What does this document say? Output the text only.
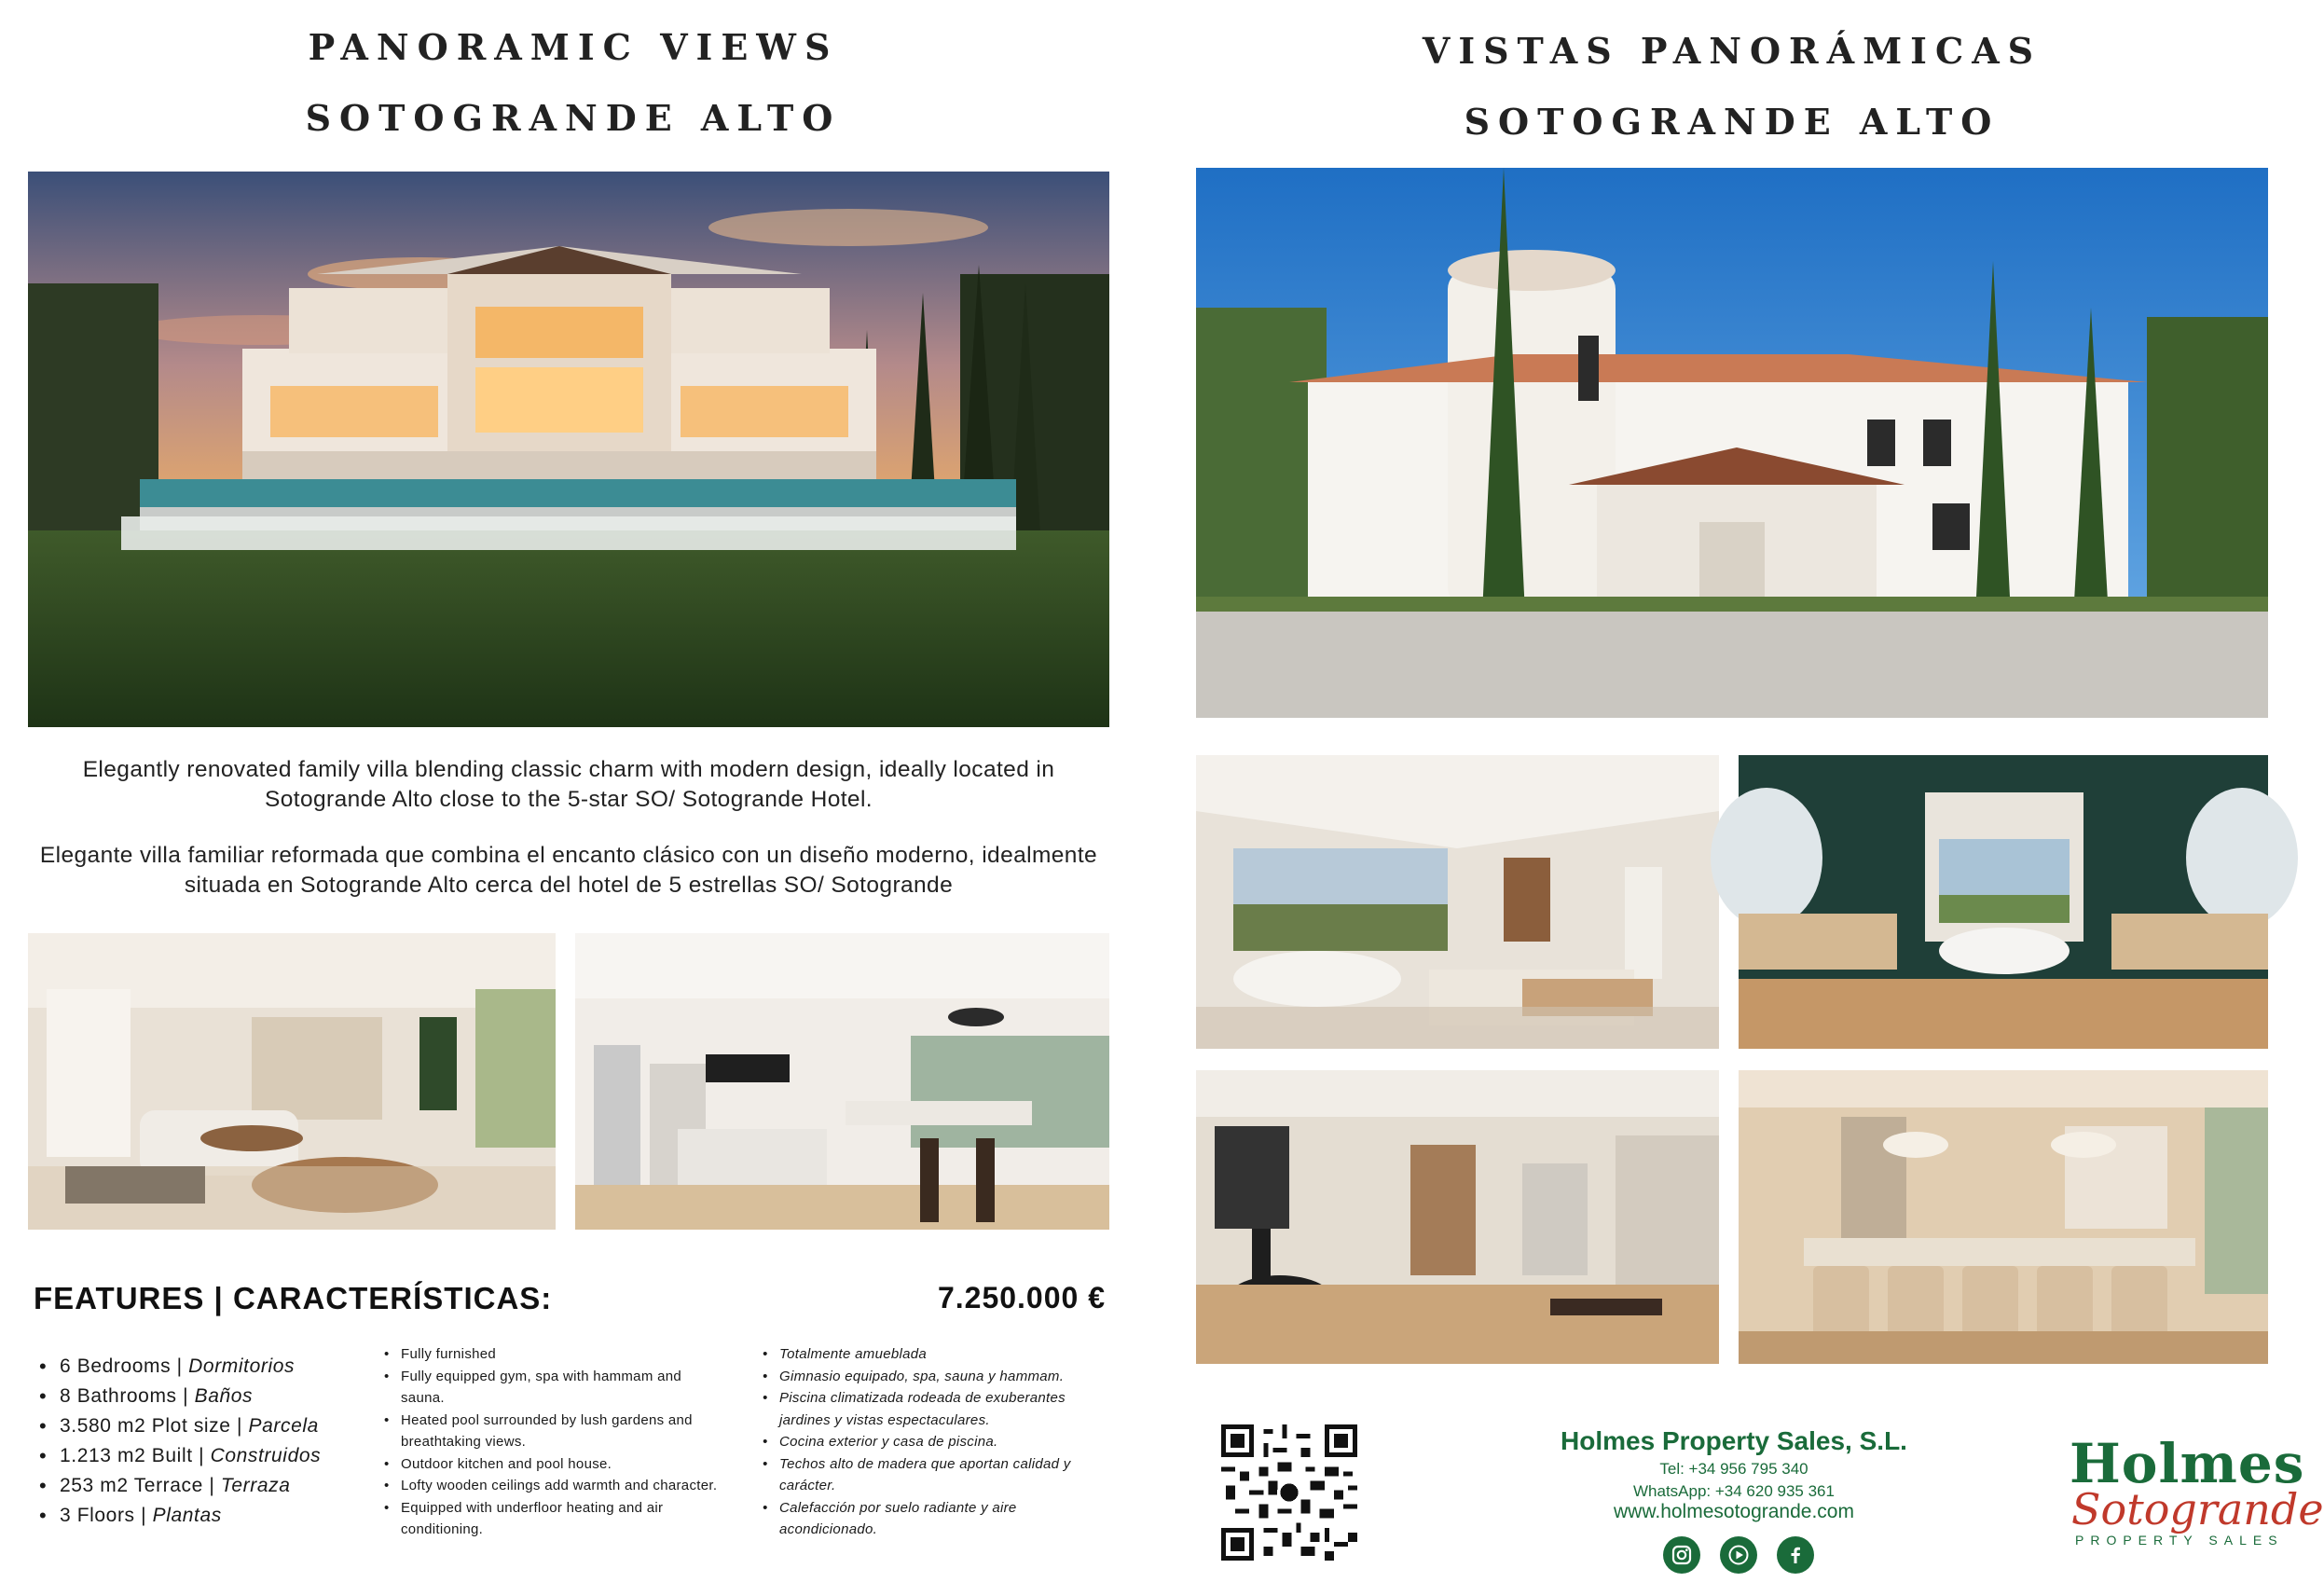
PANORAMIC VIEWS
SOTOGRANDE ALTO
Elegantly renovated family villa blending classic charm with modern design, ideally located in Sotogrande Alto close to the 5-star SO/ Sotogrande Hotel.
Elegante villa familiar reformada que combina el encanto clásico con un diseño moderno, idealmente situada en Sotogrande Alto cerca del hotel de 5 estrellas SO/ Sotogrande
FEATURES | CARACTERÍSTICAS:	7.250.000 €
• 6 Bedrooms | Dormitorios
• 8 Bathrooms | Baños
• 3.580 m2 Plot size | Parcela
• 1.213 m2 Built | Construidos
• 253 m2 Terrace | Terraza
• 3 Floors | Plantas
• Fully furnished
• Fully equipped gym, spa with hammam and sauna.
• Heated pool surrounded by lush gardens and breathtaking views.
• Outdoor kitchen and pool house.
• Lofty wooden ceilings add warmth and character.
• Equipped with underfloor heating and air conditioning.
• Totalmente amueblada
• Gimnasio equipado, spa, sauna y hammam.
• Piscina climatizada rodeada de exuberantes jardines y vistas espectaculares.
• Cocina exterior y casa de piscina.
• Techos alto de madera que aportan calidad y carácter.
• Calefacción por suelo radiante y aire acondicionado.
VISTAS PANORÁMICAS
SOTOGRANDE ALTO
Holmes Property Sales, S.L.
Tel: +34 956 795 340
WhatsApp: +34 620 935 361
www.holmesotogrande.com
Holmes
Sotogrande
PROPERTY SALES
